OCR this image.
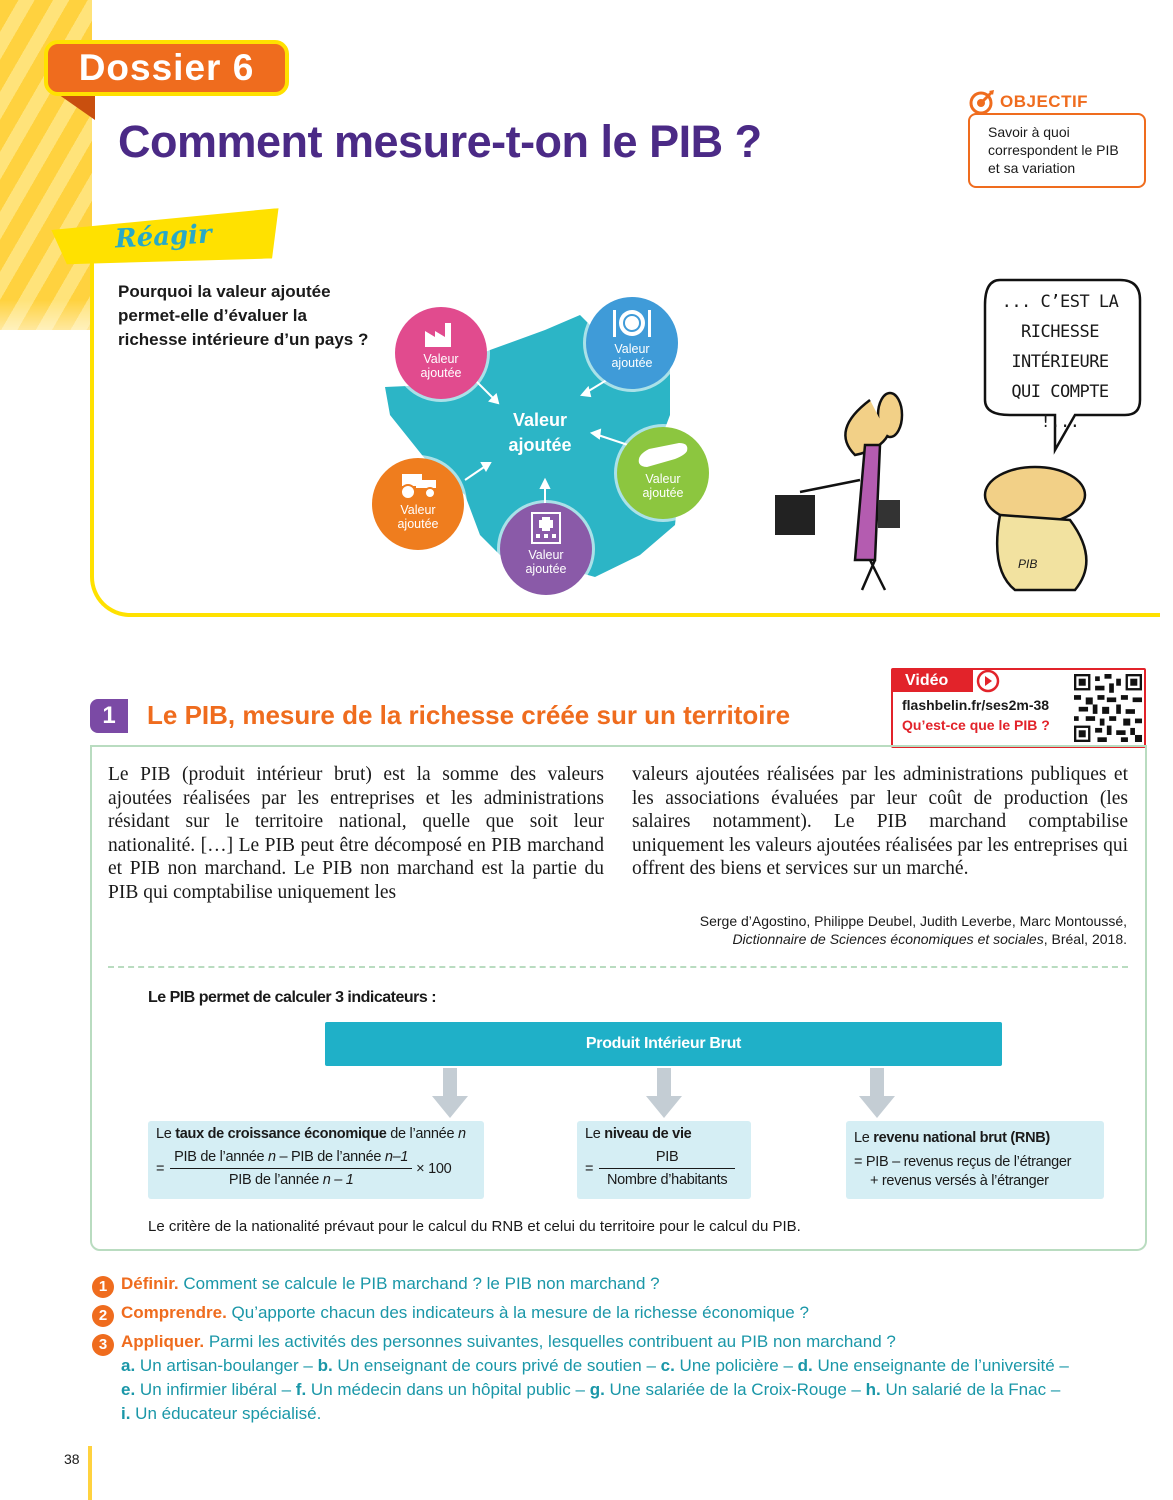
Dossier 6
Comment mesure-t-on le PIB ?
OBJECTIF
Savoir à quoi correspondent le PIB et sa variation
Réagir
Pourquoi la valeur ajoutée permet-elle d’évaluer la richesse intérieure d’un pays ?
Valeur
ajoutée
Valeur
ajoutée
Valeur
ajoutée
Valeur
ajoutée
Valeur
ajoutée
Valeur
ajoutée
... C’EST LA
RICHESSE
INTÉRIEURE
QUI COMPTE !...
PIB
1	Le PIB, mesure de la richesse créée sur un territoire
Vidéo
flashbelin.fr/ses2m-38
Qu’est-ce que le PIB ?
Le PIB (produit intérieur brut) est la somme des valeurs ajoutées réalisées par les entreprises et les administrations résidant sur le territoire national, quelle que soit leur nationalité. […] Le PIB peut être décomposé en PIB marchand et PIB non marchand. Le PIB non marchand est la partie du PIB qui comptabilise uniquement les
valeurs ajoutées réalisées par les administrations publiques et les associations évaluées par leur coût de production (les salaires notamment). Le PIB marchand comptabilise uniquement les valeurs ajoutées réalisées par les entreprises qui offrent des biens et services sur un marché.
Serge d’Agostino, Philippe Deubel, Judith Leverbe, Marc Montoussé,
Dictionnaire de Sciences économiques et sociales, Bréal, 2018.
Le PIB permet de calculer 3 indicateurs :
Produit Intérieur Brut
Le taux de croissance économique de l’année n
= $\frac{\text{PIB de l’année n – PIB de l’année n–1}}{\text{PIB de l’année n – 1}} \times 100$
Le niveau de vie
= $\frac{\text{PIB}}{\text{Nombre d’habitants}}$
Le revenu national brut (RNB)
= PIB – revenus reçus de l’étranger
+ revenus versés à l’étranger
Le critère de la nationalité prévaut pour le calcul du RNB et celui du territoire pour le calcul du PIB.
1 Définir. Comment se calcule le PIB marchand ? le PIB non marchand ?
2 Comprendre. Qu’apporte chacun des indicateurs à la mesure de la richesse économique ?
3 Appliquer. Parmi les activités des personnes suivantes, lesquelles contribuent au PIB non marchand ?
a. Un artisan-boulanger – b. Un enseignant de cours privé de soutien – c. Une policière – d. Une enseignante de l’université –
e. Un infirmier libéral – f. Un médecin dans un hôpital public – g. Une salariée de la Croix-Rouge – h. Un salarié de la Fnac –
i. Un éducateur spécialisé.
38
